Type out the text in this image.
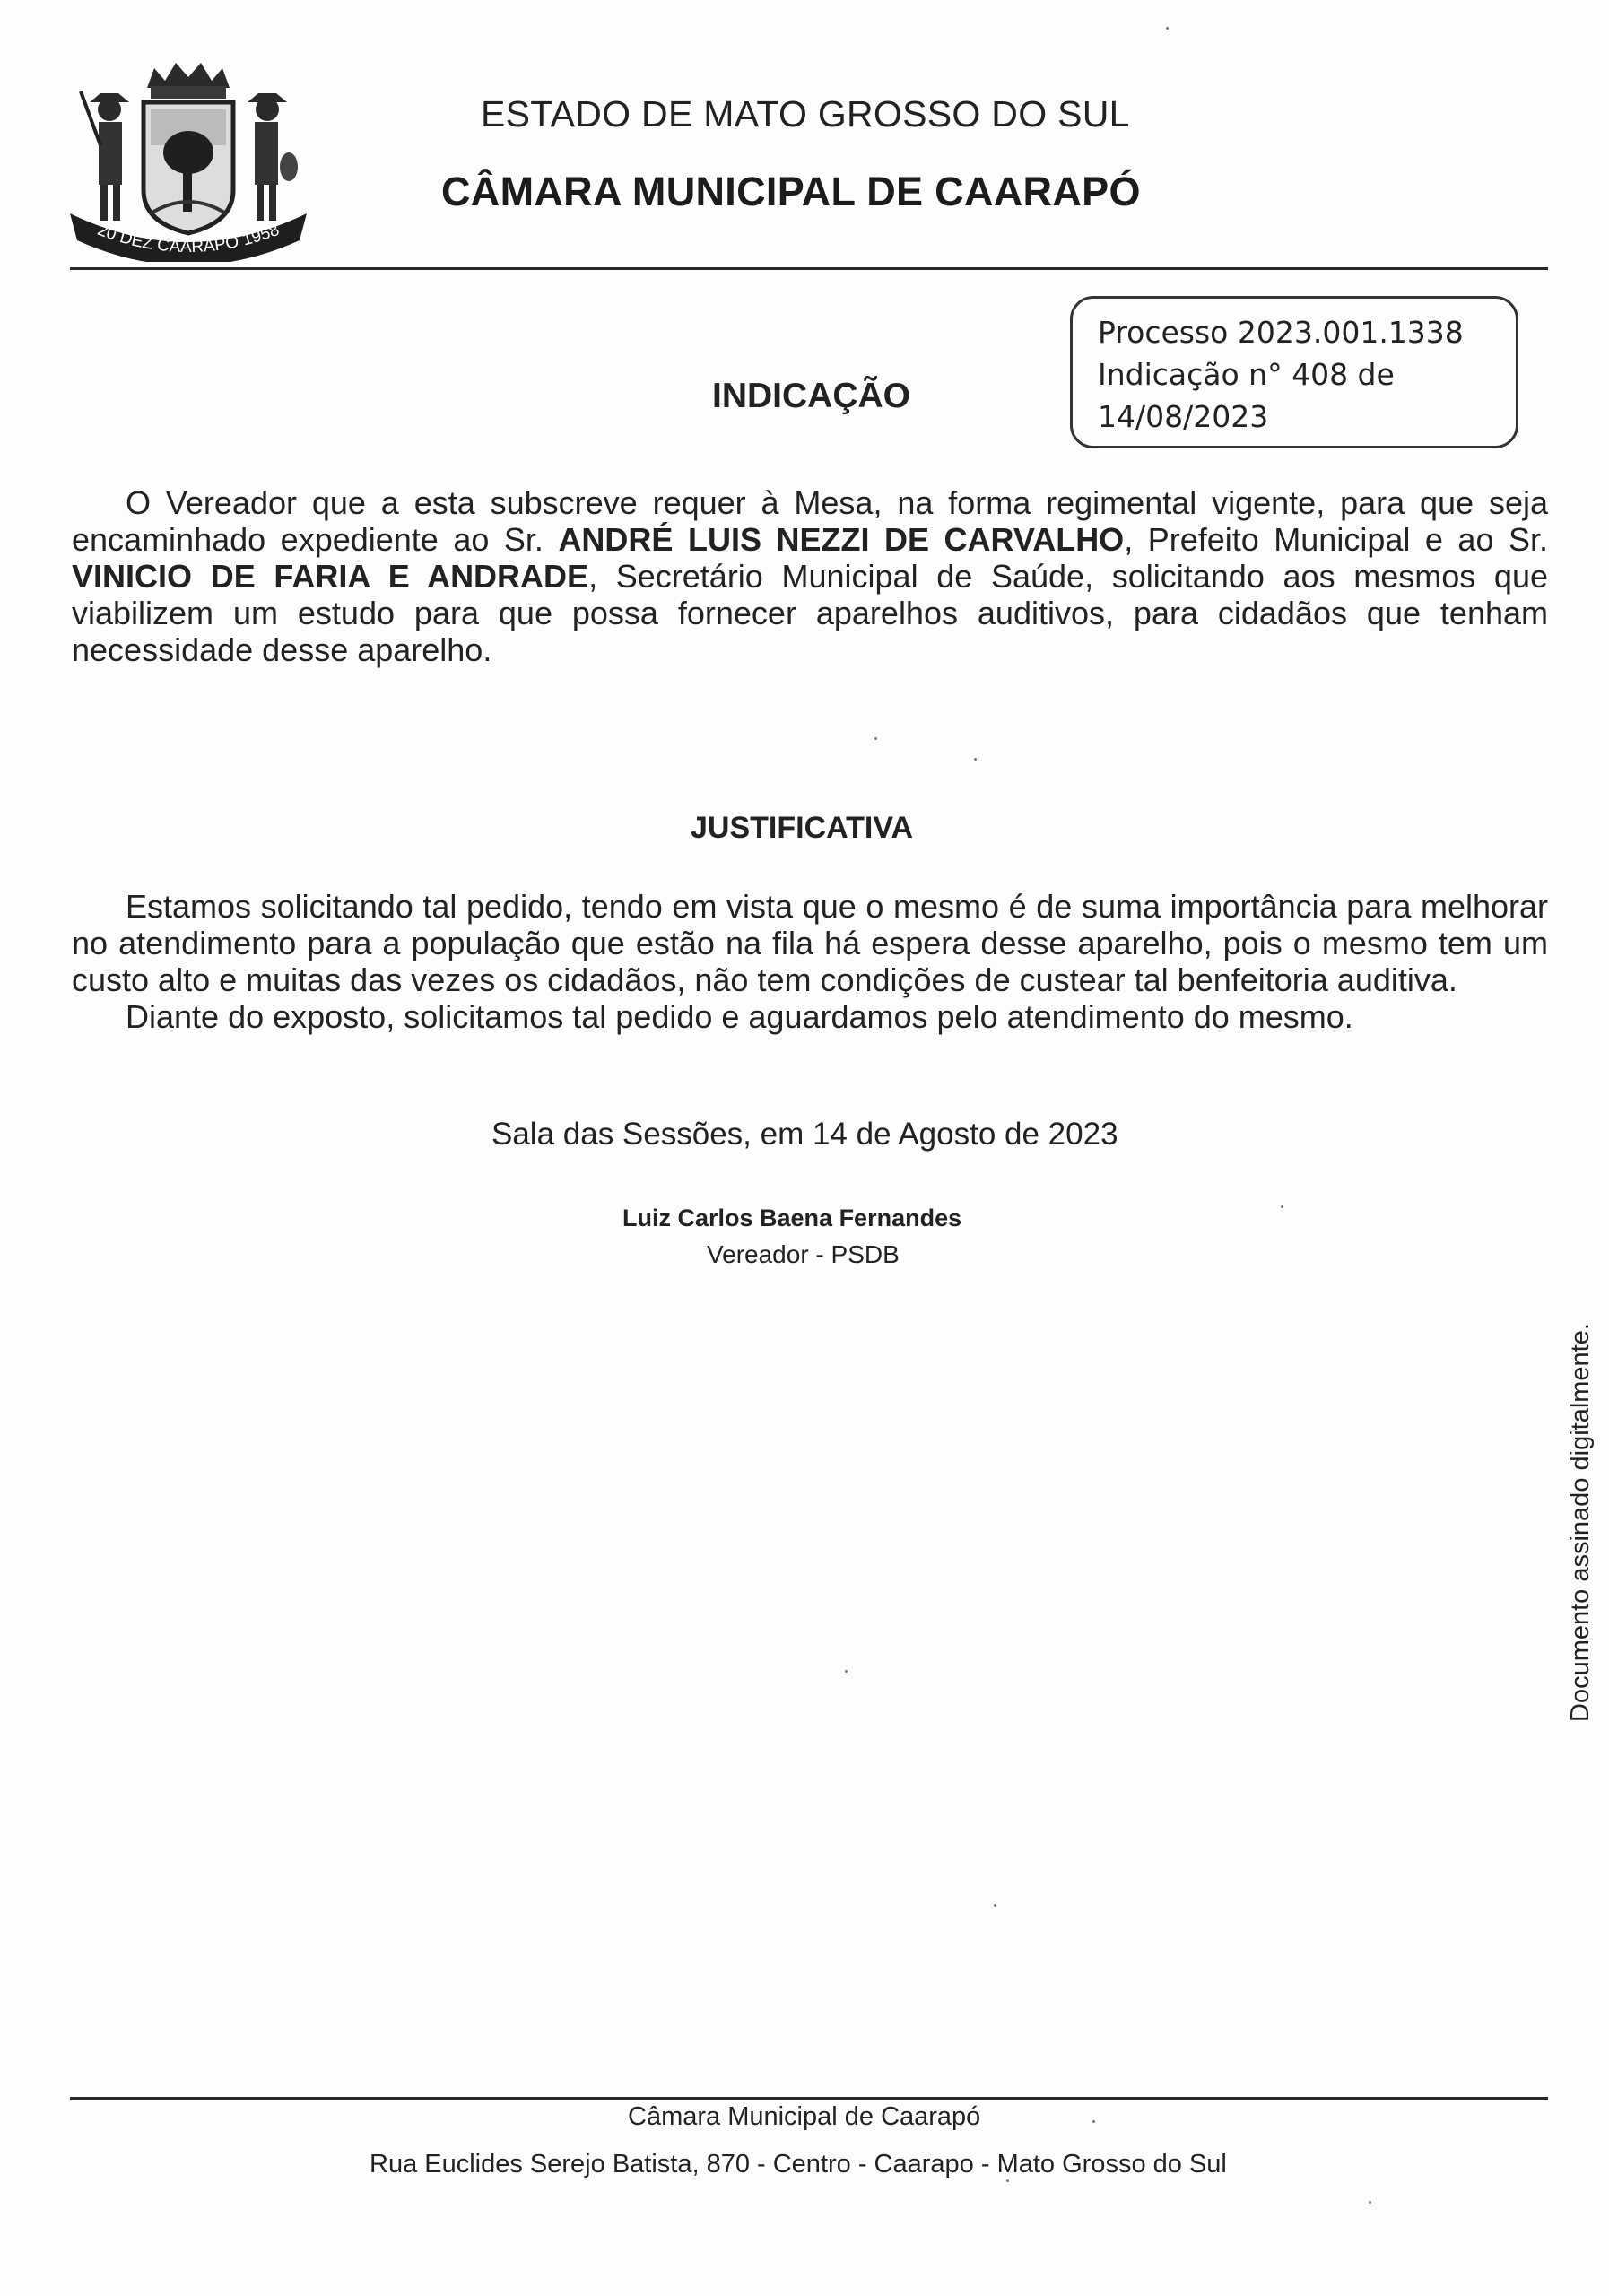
20 DEZ CAARAPÓ 1958
ESTADO DE MATO GROSSO DO SUL
CÂMARA MUNICIPAL DE CAARAPÓ
Processo 2023.001.1338
Indicação n° 408 de
14/08/2023
INDICAÇÃO

O Vereador que a esta subscreve requer à Mesa, na forma regimental vigente, para que seja encaminhado expediente ao Sr. ANDRÉ LUIS NEZZI DE CARVALHO, Prefeito Municipal e ao Sr. VINICIO DE FARIA E ANDRADE, Secretário Municipal de Saúde, solicitando aos mesmos que viabilizem um estudo para que possa fornecer aparelhos auditivos, para cidadãos que tenham necessidade desse aparelho.

JUSTIFICATIVA

Estamos solicitando tal pedido, tendo em vista que o mesmo é de suma importância para melhorar no atendimento para a população que estão na fila há espera desse aparelho, pois o mesmo tem um custo alto e muitas das vezes os cidadãos, não tem condições de custear tal benfeitoria auditiva.

Diante do exposto, solicitamos tal pedido e aguardamos pelo atendimento do mesmo.

Sala das Sessões, em 14 de Agosto de 2023
Luiz Carlos Baena Fernandes
Vereador - PSDB
Documento assinado digitalmente.
Câmara Municipal de Caarapó
Rua Euclides Serejo Batista, 870 - Centro - Caarapo - Mato Grosso do Sul
